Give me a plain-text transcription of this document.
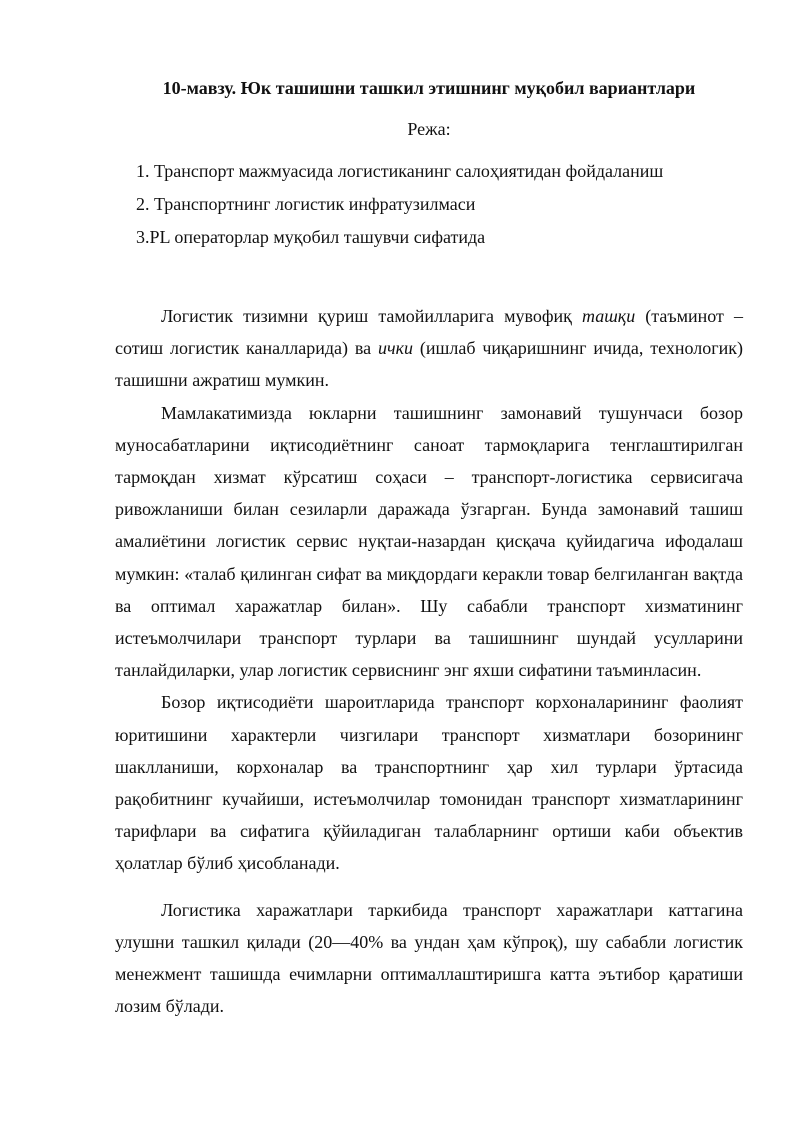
10-мавзу. Юк ташишни ташкил этишнинг муқобил вариантлари
Режа:
1. Транспорт мажмуасида логистиканинг салоҳиятидан фойдаланиш
2. Транспортнинг логистик инфратузилмаси
3.PL операторлар муқобил ташувчи сифатида

Логистик тизимни қуриш тамойилларига мувофиқ ташқи (таъминот – сотиш логистик каналларида) ва ички (ишлаб чиқаришнинг ичида, технологик) ташишни ажратиш мумкин.

Мамлакатимизда юкларни ташишнинг замонавий тушунчаси бозор муносабатларини иқтисодиётнинг саноат тармоқларига тенглаштирилган тармоқдан хизмат кўрсатиш соҳаси – транспорт-логистика сервисигача ривожланиши билан сезиларли даражада ўзгарган. Бунда замонавий ташиш амалиётини логистик сервис нуқтаи-назардан қисқача қуйидагича ифодалаш мумкин: «талаб қилинган сифат ва миқдордаги керакли товар белгиланган вақтда ва оптимал харажатлар билан». Шу сабабли транспорт хизматининг истеъмолчилари транспорт турлари ва ташишнинг шундай усулларини танлайдиларки, улар логистик сервиснинг энг яхши сифатини таъминласин.

Бозор иқтисодиёти шароитларида транспорт корхоналарининг фаолият юритишини характерли чизгилари транспорт хизматлари бозорининг шаклланиши, корхоналар ва транспортнинг ҳар хил турлари ўртасида рақобитнинг кучайиши, истеъмолчилар томонидан транспорт хизматларининг тарифлари ва сифатига қўйиладиган талабларнинг ортиши каби объектив ҳолатлар бўлиб ҳисобланади.

Логистика харажатлари таркибида транспорт харажатлари каттагина улушни ташкил қилади (20—40% ва ундан ҳам кўпроқ), шу сабабли логистик менежмент ташишда ечимларни оптималлаштиришга катта эътибор қаратиши лозим бўлади.
